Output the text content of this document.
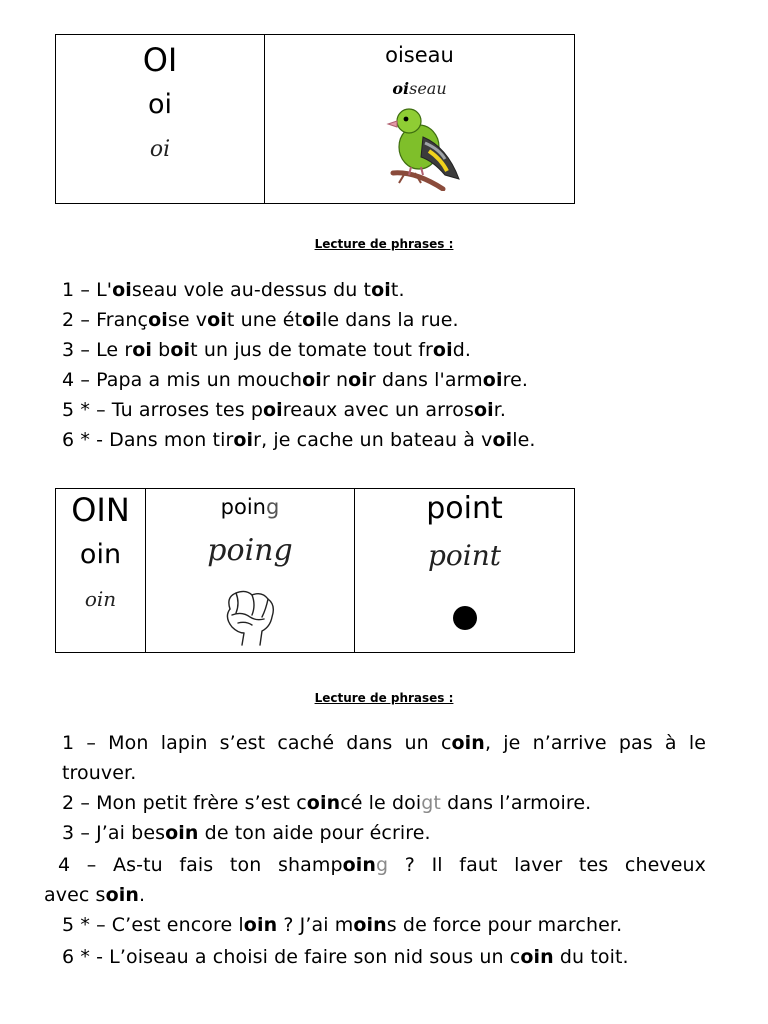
OI
oi
oi
oiseau
oiseau
Lecture de phrases :
1 – L'oiseau vole au-dessus du toit.
2 – Françoise voit une étoile dans la rue.
3 – Le roi boit un jus de tomate tout froid.
4 – Papa a mis un mouchoir noir dans l'armoire.
5 * – Tu arroses tes poireaux avec un arrosoir.
6 * - Dans mon tiroir, je cache un bateau à voile.
OIN
oin
oin
poing
poing
point
point
Lecture de phrases :
1 – Mon lapin s’est caché dans un coin, je n’arrive pas à le
trouver.
2 – Mon petit frère s’est coincé le doigt dans l’armoire.
3 – J’ai besoin de ton aide pour écrire.
4 – As-tu fais ton shampoing ? Il faut laver tes cheveux
avec soin.
5 * – C’est encore loin ? J’ai moins de force pour marcher.
6 * - L’oiseau a choisi de faire son nid sous un coin du toit.
